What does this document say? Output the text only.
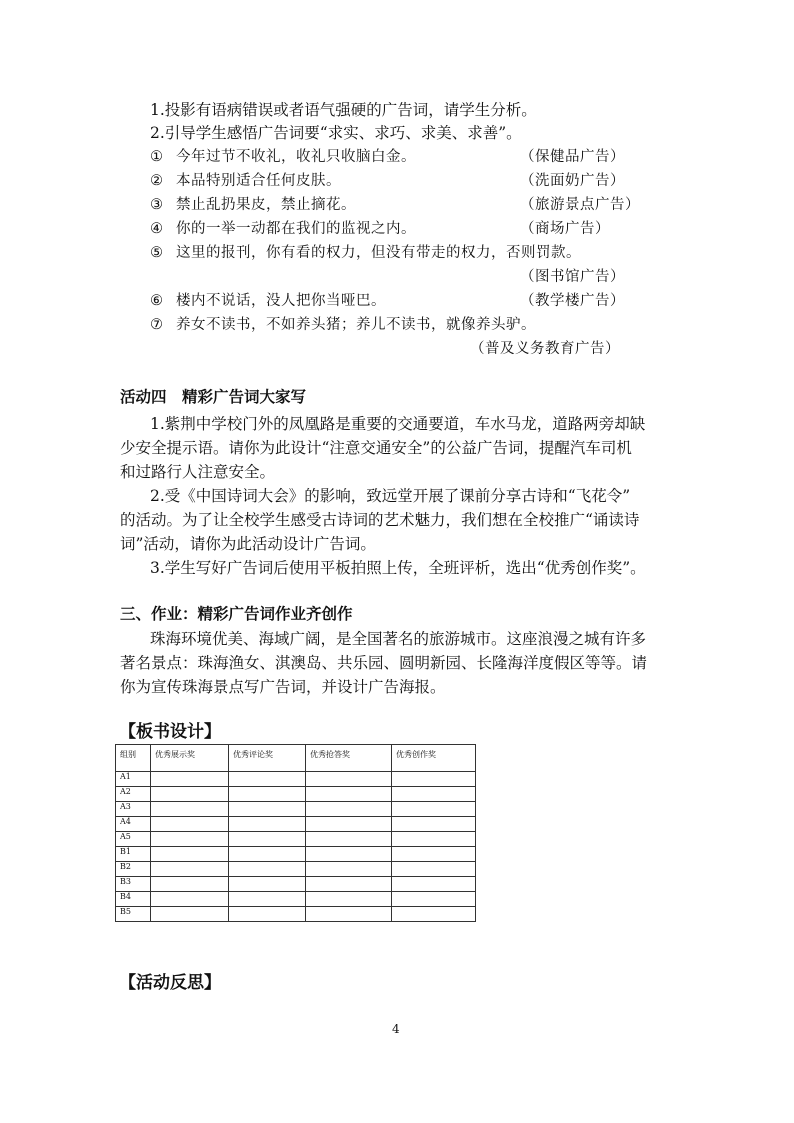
1.投影有语病错误或者语气强硬的广告词，请学生分析。
2.引导学生感悟广告词要“求实、求巧、求美、求善”。
① 今年过节不收礼，收礼只收脑白金。	（保健品广告）
② 本品特别适合任何皮肤。	（洗面奶广告）
③ 禁止乱扔果皮，禁止摘花。	（旅游景点广告）
④ 你的一举一动都在我们的监视之内。	（商场广告）
⑤ 这里的报刊，你有看的权力，但没有带走的权力，否则罚款。
（图书馆广告）
⑥ 楼内不说话，没人把你当哑巴。	（教学楼广告）
⑦ 养女不读书，不如养头猪；养儿不读书，就像养头驴。
（普及义务教育广告）
活动四　精彩广告词大家写
1.紫荆中学校门外的凤凰路是重要的交通要道，车水马龙，道路两旁却缺
少安全提示语。请你为此设计“注意交通安全”的公益广告词，提醒汽车司机
和过路行人注意安全。
2.受《中国诗词大会》的影响，致远堂开展了课前分享古诗和“飞花令”
的活动。为了让全校学生感受古诗词的艺术魅力，我们想在全校推广“诵读诗
词”活动，请你为此活动设计广告词。
3.学生写好广告词后使用平板拍照上传，全班评析，选出“优秀创作奖”。
三、作业：精彩广告词作业齐创作
珠海环境优美、海域广阔，是全国著名的旅游城市。这座浪漫之城有许多
著名景点：珠海渔女、淇澳岛、共乐园、圆明新园、长隆海洋度假区等等。请
你为宣传珠海景点写广告词，并设计广告海报。
【板书设计】
组别	优秀展示奖	优秀评论奖	优秀抢答奖	优秀创作奖
A1				
A2				
A3				
A4				
A5				
B1				
B2				
B3				
B4				
B5				
【活动反思】
4
